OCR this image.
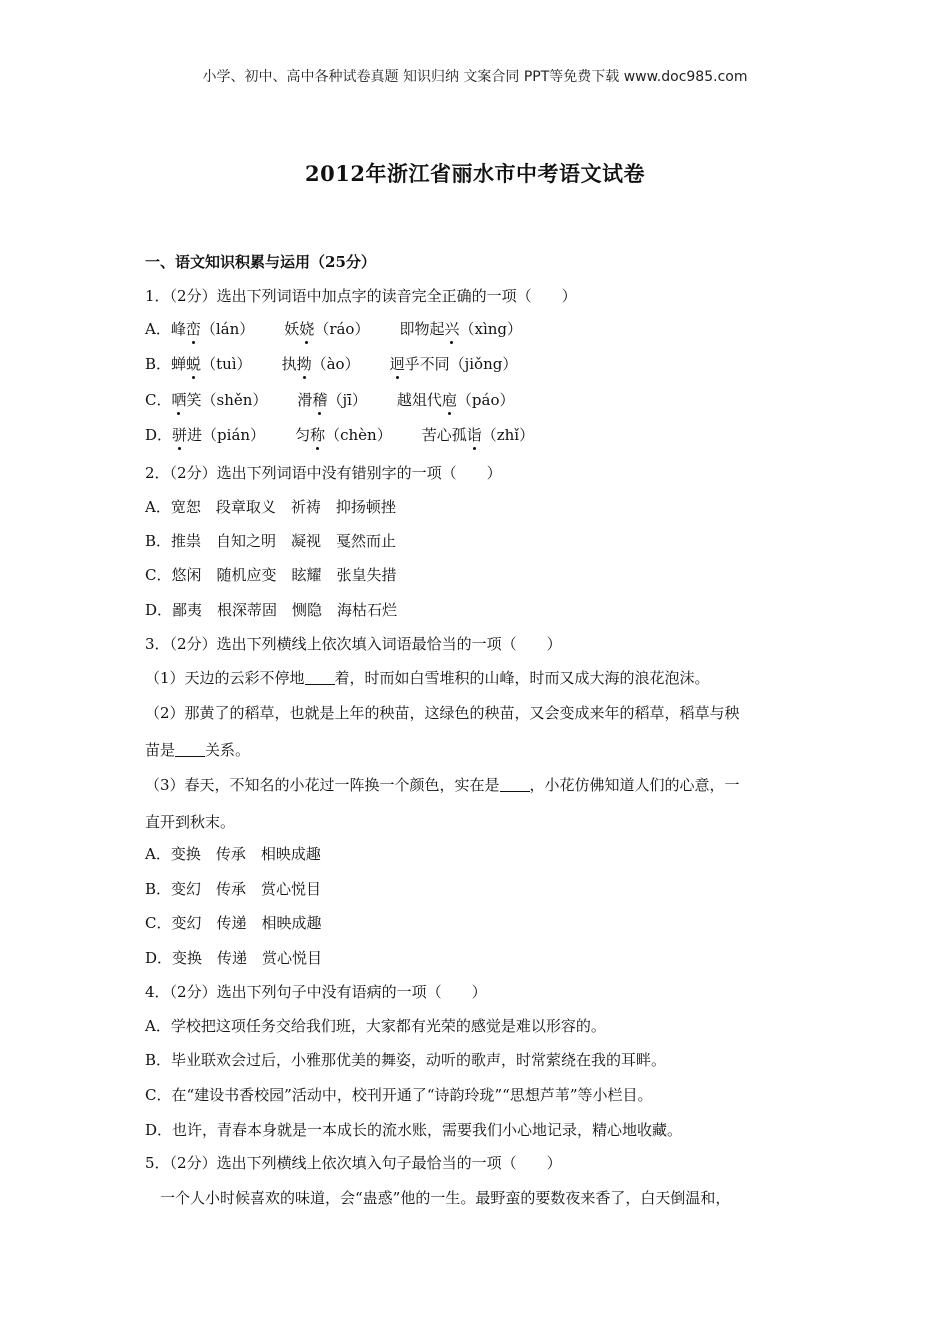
小学、初中、高中各种试卷真题 知识归纳 文案合同 PPT等免费下载 www.doc985.com
2012年浙江省丽水市中考语文试卷
一、语文知识积累与运用（25分）
1．（2分）选出下列词语中加点字的读音完全正确的一项（　　）
A．峰峦（lán） 妖娆（ráo） 即物起兴（xìng）
B．蝉蜕（tuì） 执拗（ào） 迥乎不同（jiǒng）
C．哂笑（shěn） 滑稽（jī） 越俎代庖（páo）
D．骈进（pián） 匀称（chèn） 苦心孤诣（zhǐ）
2．（2分）选出下列词语中没有错别字的一项（　　）
A．宽恕　段章取义　祈祷　抑扬顿挫
B．推祟　自知之明　凝视　戛然而止
C．悠闲　随机应变　眩耀　张皇失措
D．鄙夷　根深蒂固　恻隐　海枯石烂
3．（2分）选出下列横线上依次填入词语最恰当的一项（　　）
（1）天边的云彩不停地 着，时而如白雪堆积的山峰，时而又成大海的浪花泡沫。
（2）那黄了的稻草，也就是上年的秧苗，这绿色的秧苗，又会变成来年的稻草，稻草与秧
苗是 关系。
（3）春天，不知名的小花过一阵换一个颜色，实在是 ，小花仿佛知道人们的心意，一
直开到秋末。
A．变换　传承　相映成趣
B．变幻　传承　赏心悦目
C．变幻　传递　相映成趣
D．变换　传递　赏心悦目
4．（2分）选出下列句子中没有语病的一项（　　）
A．学校把这项任务交给我们班，大家都有光荣的感觉是难以形容的。
B．毕业联欢会过后，小雅那优美的舞姿，动听的歌声，时常萦绕在我的耳畔。
C．在“建设书香校园”活动中，校刊开通了“诗韵玲珑”“思想芦苇”等小栏目。
D．也许，青春本身就是一本成长的流水账，需要我们小心地记录，精心地收藏。
5．（2分）选出下列横线上依次填入句子最恰当的一项（　　）
一个人小时候喜欢的味道，会“蛊惑”他的一生。最野蛮的要数夜来香了，白天倒温和，
